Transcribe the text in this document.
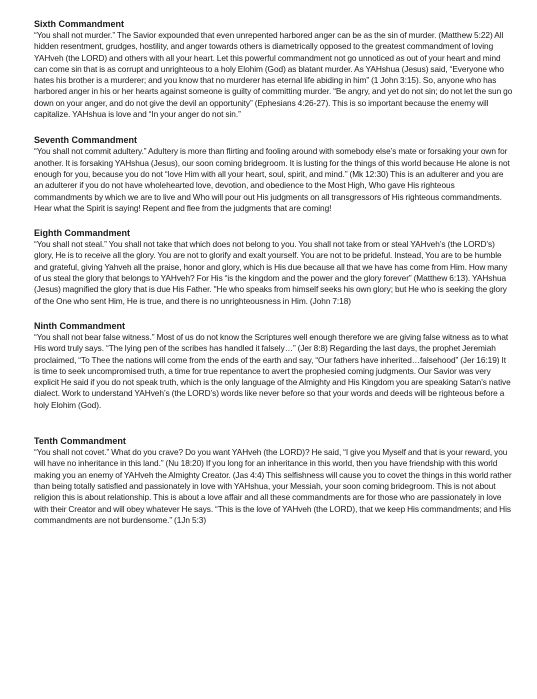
Sixth Commandment

“You shall not murder.” The Savior expounded that even unrepented harbored anger can be as the sin of murder. (Matthew 5:22) All hidden resentment, grudges, hostility, and anger towards others is diametrically opposed to the greatest commandment of loving YAHveh (the LORD) and others with all your heart. Let this powerful commandment not go unnoticed as out of your heart and mind can come sin that is as corrupt and unrighteous to a holy Elohim (God) as blatant murder. As YAHshua (Jesus) said, “Everyone who hates his brother is a murderer; and you know that no murderer has eternal life abiding in him” (1 John 3:15). So, anyone who has harbored anger in his or her hearts against someone is guilty of committing murder. “Be angry, and yet do not sin; do not let the sun go down on your anger, and do not give the devil an opportunity” (Ephesians 4:26-27). This is so important because the enemy will capitalize. YAHshua is love and “In your anger do not sin.”

Seventh Commandment

“You shall not commit adultery.” Adultery is more than flirting and fooling around with somebody else’s mate or forsaking your own for another. It is forsaking YAHshua (Jesus), our soon coming bridegroom. It is lusting for the things of this world because He alone is not enough for you, because you do not “love Him with all your heart, soul, spirit, and mind.” (Mk 12:30) This is an adulterer and you are an adulterer if you do not have wholehearted love, devotion, and obedience to the Most High, Who gave His righteous commandments by which we are to live and Who will pour out His judgments on all transgressors of His righteous commandments. Hear what the Spirit is saying! Repent and flee from the judgments that are coming!

Eighth Commandment

“You shall not steal.” You shall not take that which does not belong to you. You shall not take from or steal YAHveh’s (the LORD’s) glory, He is to receive all the glory. You are not to glorify and exalt yourself. You are not to be prideful. Instead, You are to be humble and grateful, giving Yahveh all the praise, honor and glory, which is His due because all that we have has come from Him. How many of us steal the glory that belongs to YAHveh? For His “is the kingdom and the power and the glory forever” (Matthew 6:13). YAHshua (Jesus) magnified the glory that is due His Father. "He who speaks from himself seeks his own glory; but He who is seeking the glory of the One who sent Him, He is true, and there is no unrighteousness in Him. (John 7:18)

Ninth Commandment

“You shall not bear false witness.” Most of us do not know the Scriptures well enough therefore we are giving false witness as to what His word truly says. “The lying pen of the scribes has handled it falsely…” (Jer 8:8) Regarding the last days, the prophet Jeremiah proclaimed, “To Thee the nations will come from the ends of the earth and say, “Our fathers have inherited…falsehood” (Jer 16:19) It is time to seek uncompromised truth, a time for true repentance to avert the prophesied coming judgments. Our Savior was very explicit He said if you do not speak truth, which is the only language of the Almighty and His Kingdom you are speaking Satan’s native dialect. Work to understand YAHveh’s (the LORD’s) words like never before so that your words and deeds will be righteous before a holy Elohim (God).

Tenth Commandment

“You shall not covet.” What do you crave? Do you want YAHveh (the LORD)? He said, “I give you Myself and that is your reward, you will have no inheritance in this land.” (Nu 18:20) If you long for an inheritance in this world, then you have friendship with this world making you an enemy of YAHveh the Almighty Creator. (Jas 4:4) This selfishness will cause you to covet the things in this world rather than being totally satisfied and passionately in love with YAHshua, your Messiah, your soon coming bridegroom. This is not about religion this is about relationship. This is about a love affair and all these commandments are for those who are passionately in love with their Creator and will obey whatever He says. “This is the love of YAHveh (the LORD), that we keep His commandments; and His commandments are not burdensome.” (1Jn 5:3)
